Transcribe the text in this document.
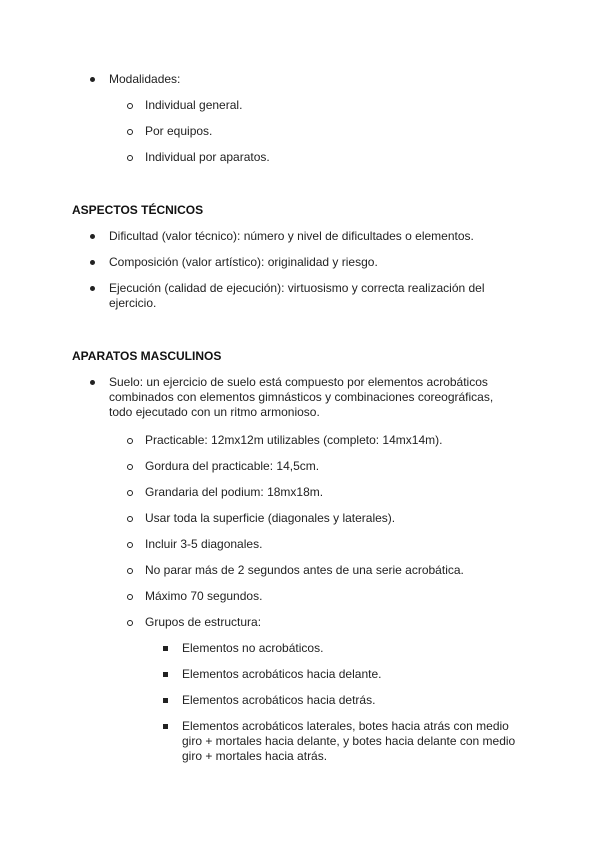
Modalidades:
Individual general.
Por equipos.
Individual por aparatos.
ASPECTOS TÉCNICOS
Dificultad (valor técnico): número y nivel de dificultades o elementos.
Composición (valor artístico): originalidad y riesgo.
Ejecución (calidad de ejecución): virtuosismo y correcta realización del ejercicio.
APARATOS MASCULINOS
Suelo: un ejercicio de suelo está compuesto por elementos acrobáticos combinados con elementos gimnásticos y combinaciones coreográficas, todo ejecutado con un ritmo armonioso.
Practicable: 12mx12m utilizables (completo: 14mx14m).
Gordura del practicable: 14,5cm.
Grandaria del podium: 18mx18m.
Usar toda la superficie (diagonales y laterales).
Incluir 3-5 diagonales.
No parar más de 2 segundos antes de una serie acrobática.
Máximo 70 segundos.
Grupos de estructura:
Elementos no acrobáticos.
Elementos acrobáticos hacia delante.
Elementos acrobáticos hacia detrás.
Elementos acrobáticos laterales, botes hacia atrás con medio giro + mortales hacia delante, y botes hacia delante con medio giro + mortales hacia atrás.
